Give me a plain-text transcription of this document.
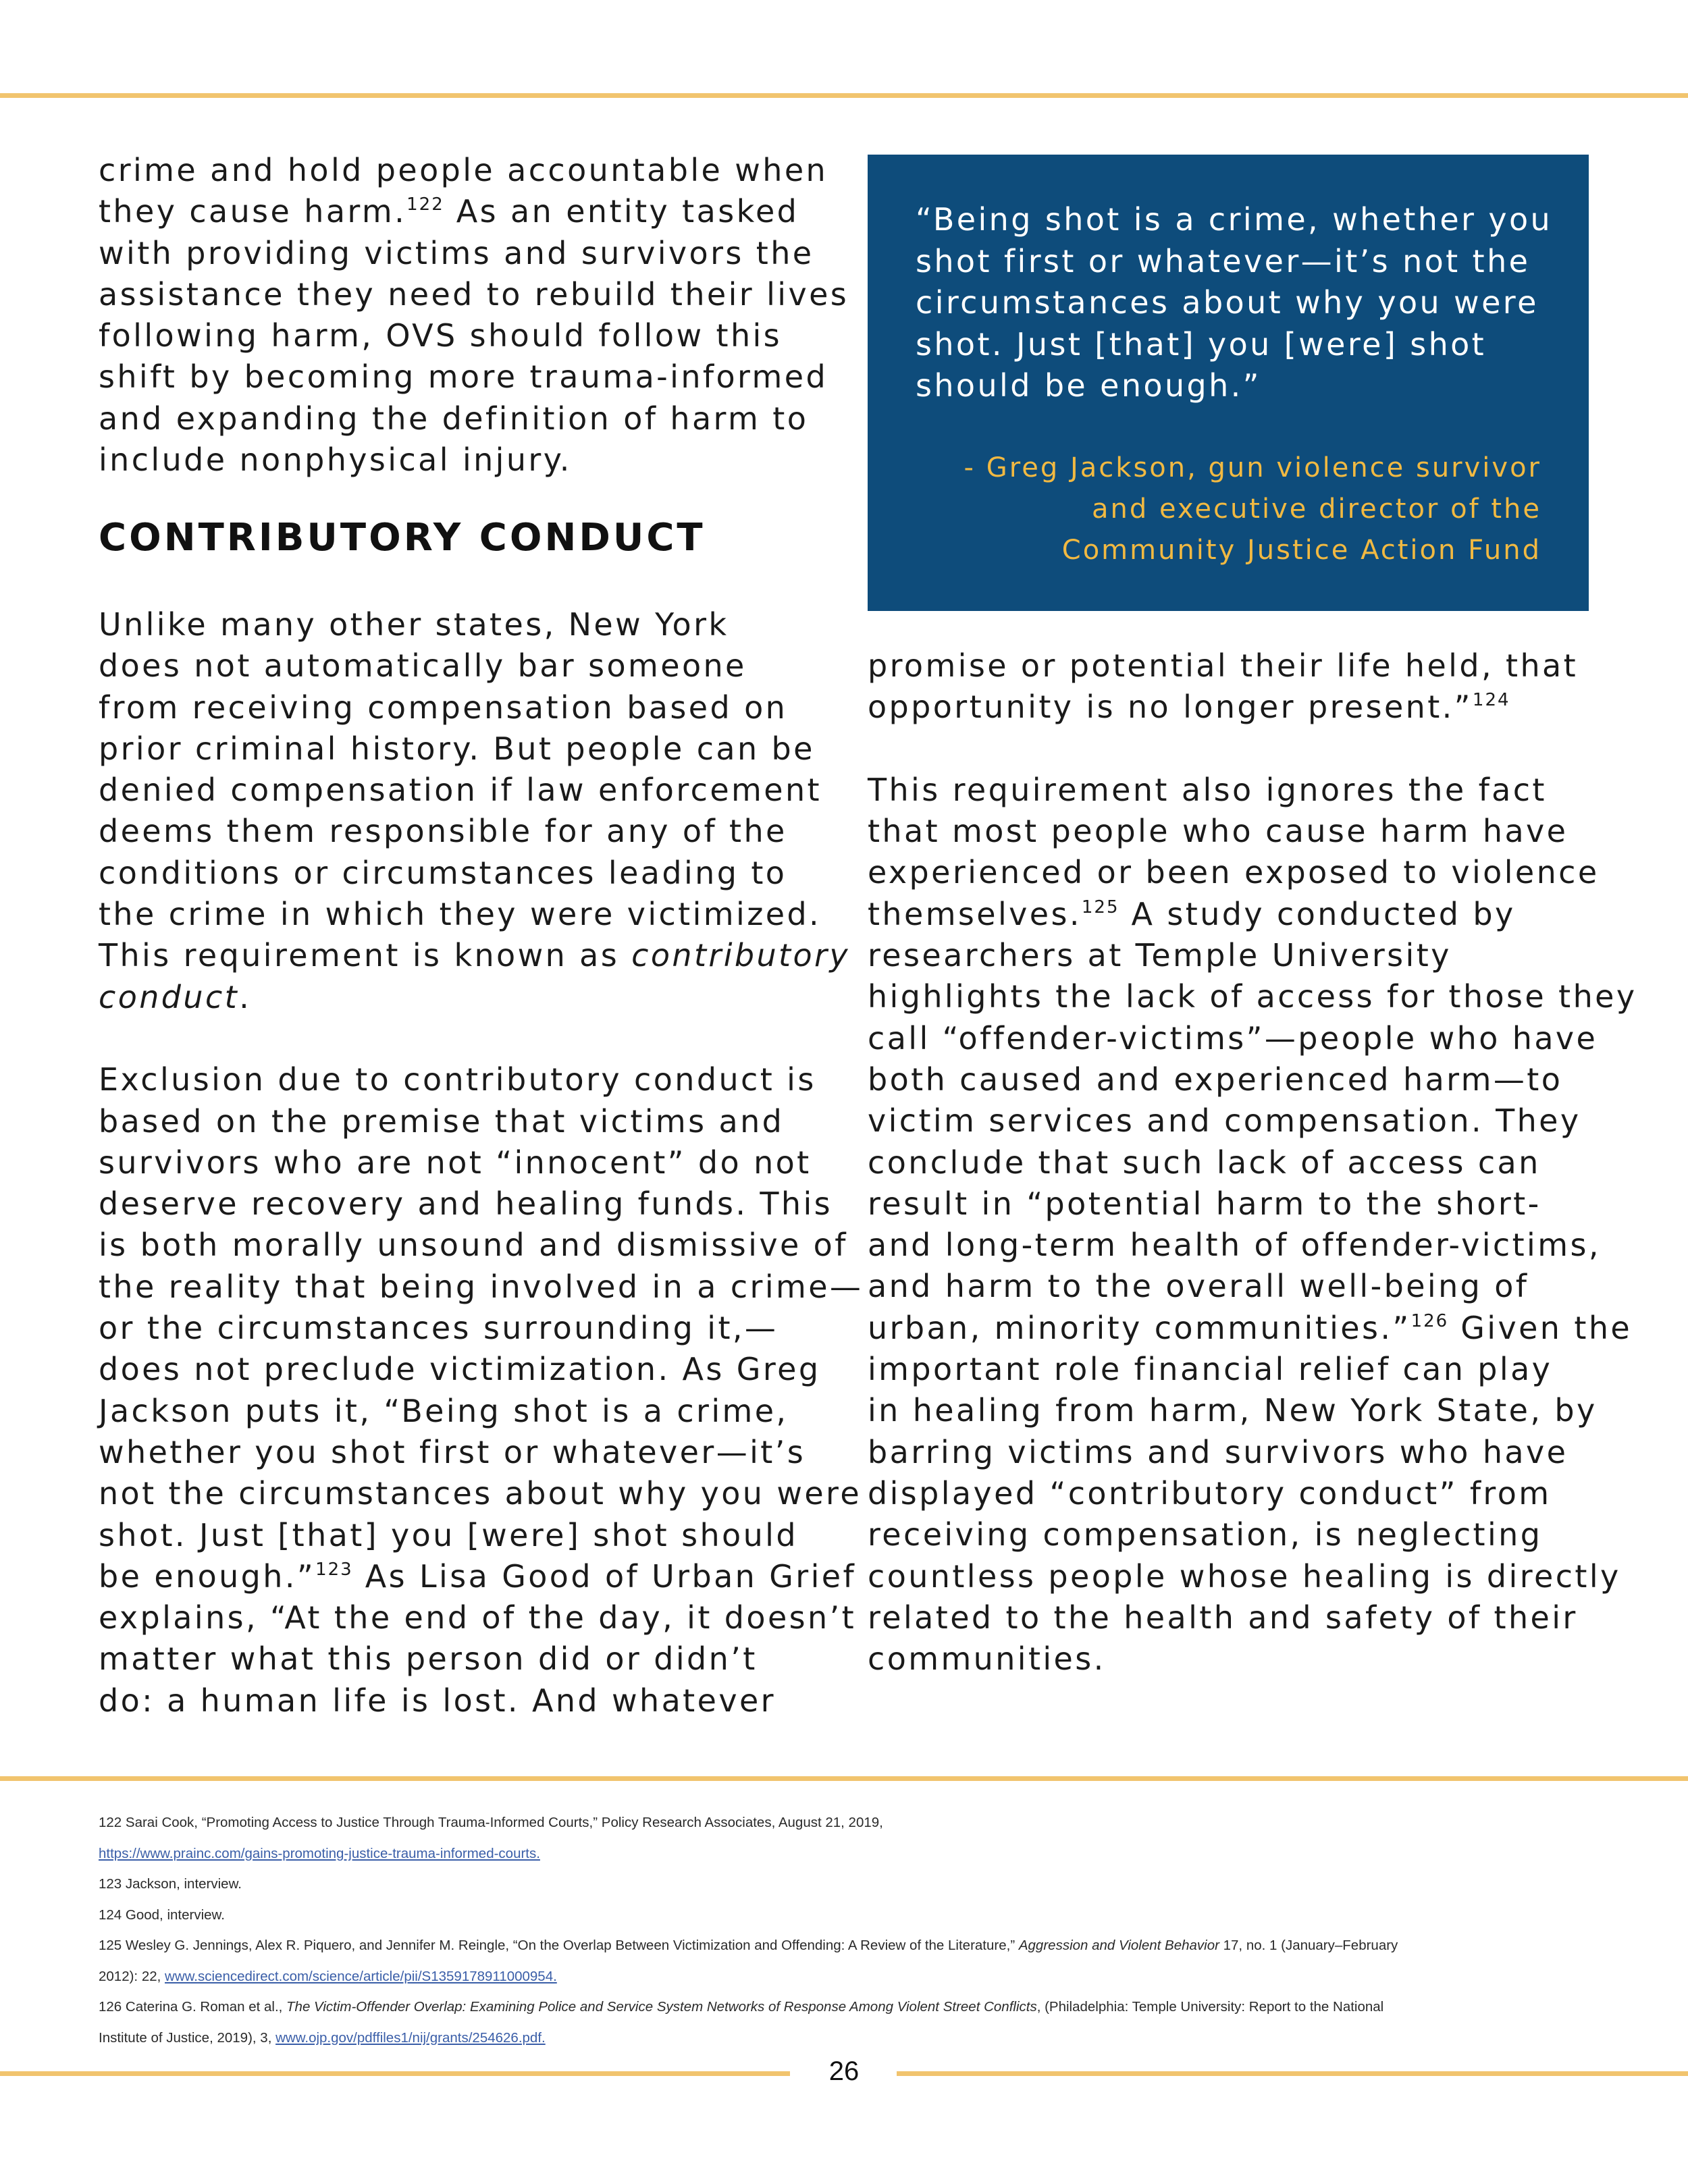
crime and hold people accountable when
they cause harm.$^{122}$ As an entity tasked
with providing victims and survivors the
assistance they need to rebuild their lives
following harm, OVS should follow this
shift by becoming more trauma-informed
and expanding the definition of harm to
include nonphysical injury.

CONTRIBUTORY CONDUCT

Unlike many other states, New York
does not automatically bar someone
from receiving compensation based on
prior criminal history. But people can be
denied compensation if law enforcement
deems them responsible for any of the
conditions or circumstances leading to
the crime in which they were victimized.
This requirement is known as contributory
conduct.

Exclusion due to contributory conduct is
based on the premise that victims and
survivors who are not “innocent” do not
deserve recovery and healing funds. This
is both morally unsound and dismissive of
the reality that being involved in a crime—
or the circumstances surrounding it,—
does not preclude victimization. As Greg
Jackson puts it, “Being shot is a crime,
whether you shot first or whatever—it’s
not the circumstances about why you were
shot. Just [that] you [were] shot should
be enough.”$^{123}$ As Lisa Good of Urban Grief
explains, “At the end of the day, it doesn’t
matter what this person did or didn’t
do: a human life is lost. And whatever

“Being shot is a crime, whether you
shot first or whatever—it’s not the
circumstances about why you were
shot. Just [that] you [were] shot
should be enough.”

- Greg Jackson, gun violence survivor
and executive director of the
Community Justice Action Fund

promise or potential their life held, that
opportunity is no longer present.”$^{124}$

This requirement also ignores the fact
that most people who cause harm have
experienced or been exposed to violence
themselves.$^{125}$ A study conducted by
researchers at Temple University
highlights the lack of access for those they
call “offender-victims”—people who have
both caused and experienced harm—to
victim services and compensation. They
conclude that such lack of access can
result in “potential harm to the short-
and long-term health of offender-victims,
and harm to the overall well-being of
urban, minority communities.”$^{126}$ Given the
important role financial relief can play
in healing from harm, New York State, by
barring victims and survivors who have
displayed “contributory conduct” from
receiving compensation, is neglecting
countless people whose healing is directly
related to the health and safety of their
communities.

122 Sarai Cook, “Promoting Access to Justice Through Trauma-Informed Courts,” Policy Research Associates, August 21, 2019,
https://www.prainc.com/gains-promoting-justice-trauma-informed-courts.
123 Jackson, interview.
124 Good, interview.
125 Wesley G. Jennings, Alex R. Piquero, and Jennifer M. Reingle, “On the Overlap Between Victimization and Offending: A Review of the Literature,” Aggression and Violent Behavior 17, no. 1 (January–February
2012): 22, www.sciencedirect.com/science/article/pii/S1359178911000954.
126 Caterina G. Roman et al., The Victim-Offender Overlap: Examining Police and Service System Networks of Response Among Violent Street Conflicts, (Philadelphia: Temple University: Report to the National
Institute of Justice, 2019), 3, www.ojp.gov/pdffiles1/nij/grants/254626.pdf.
26
